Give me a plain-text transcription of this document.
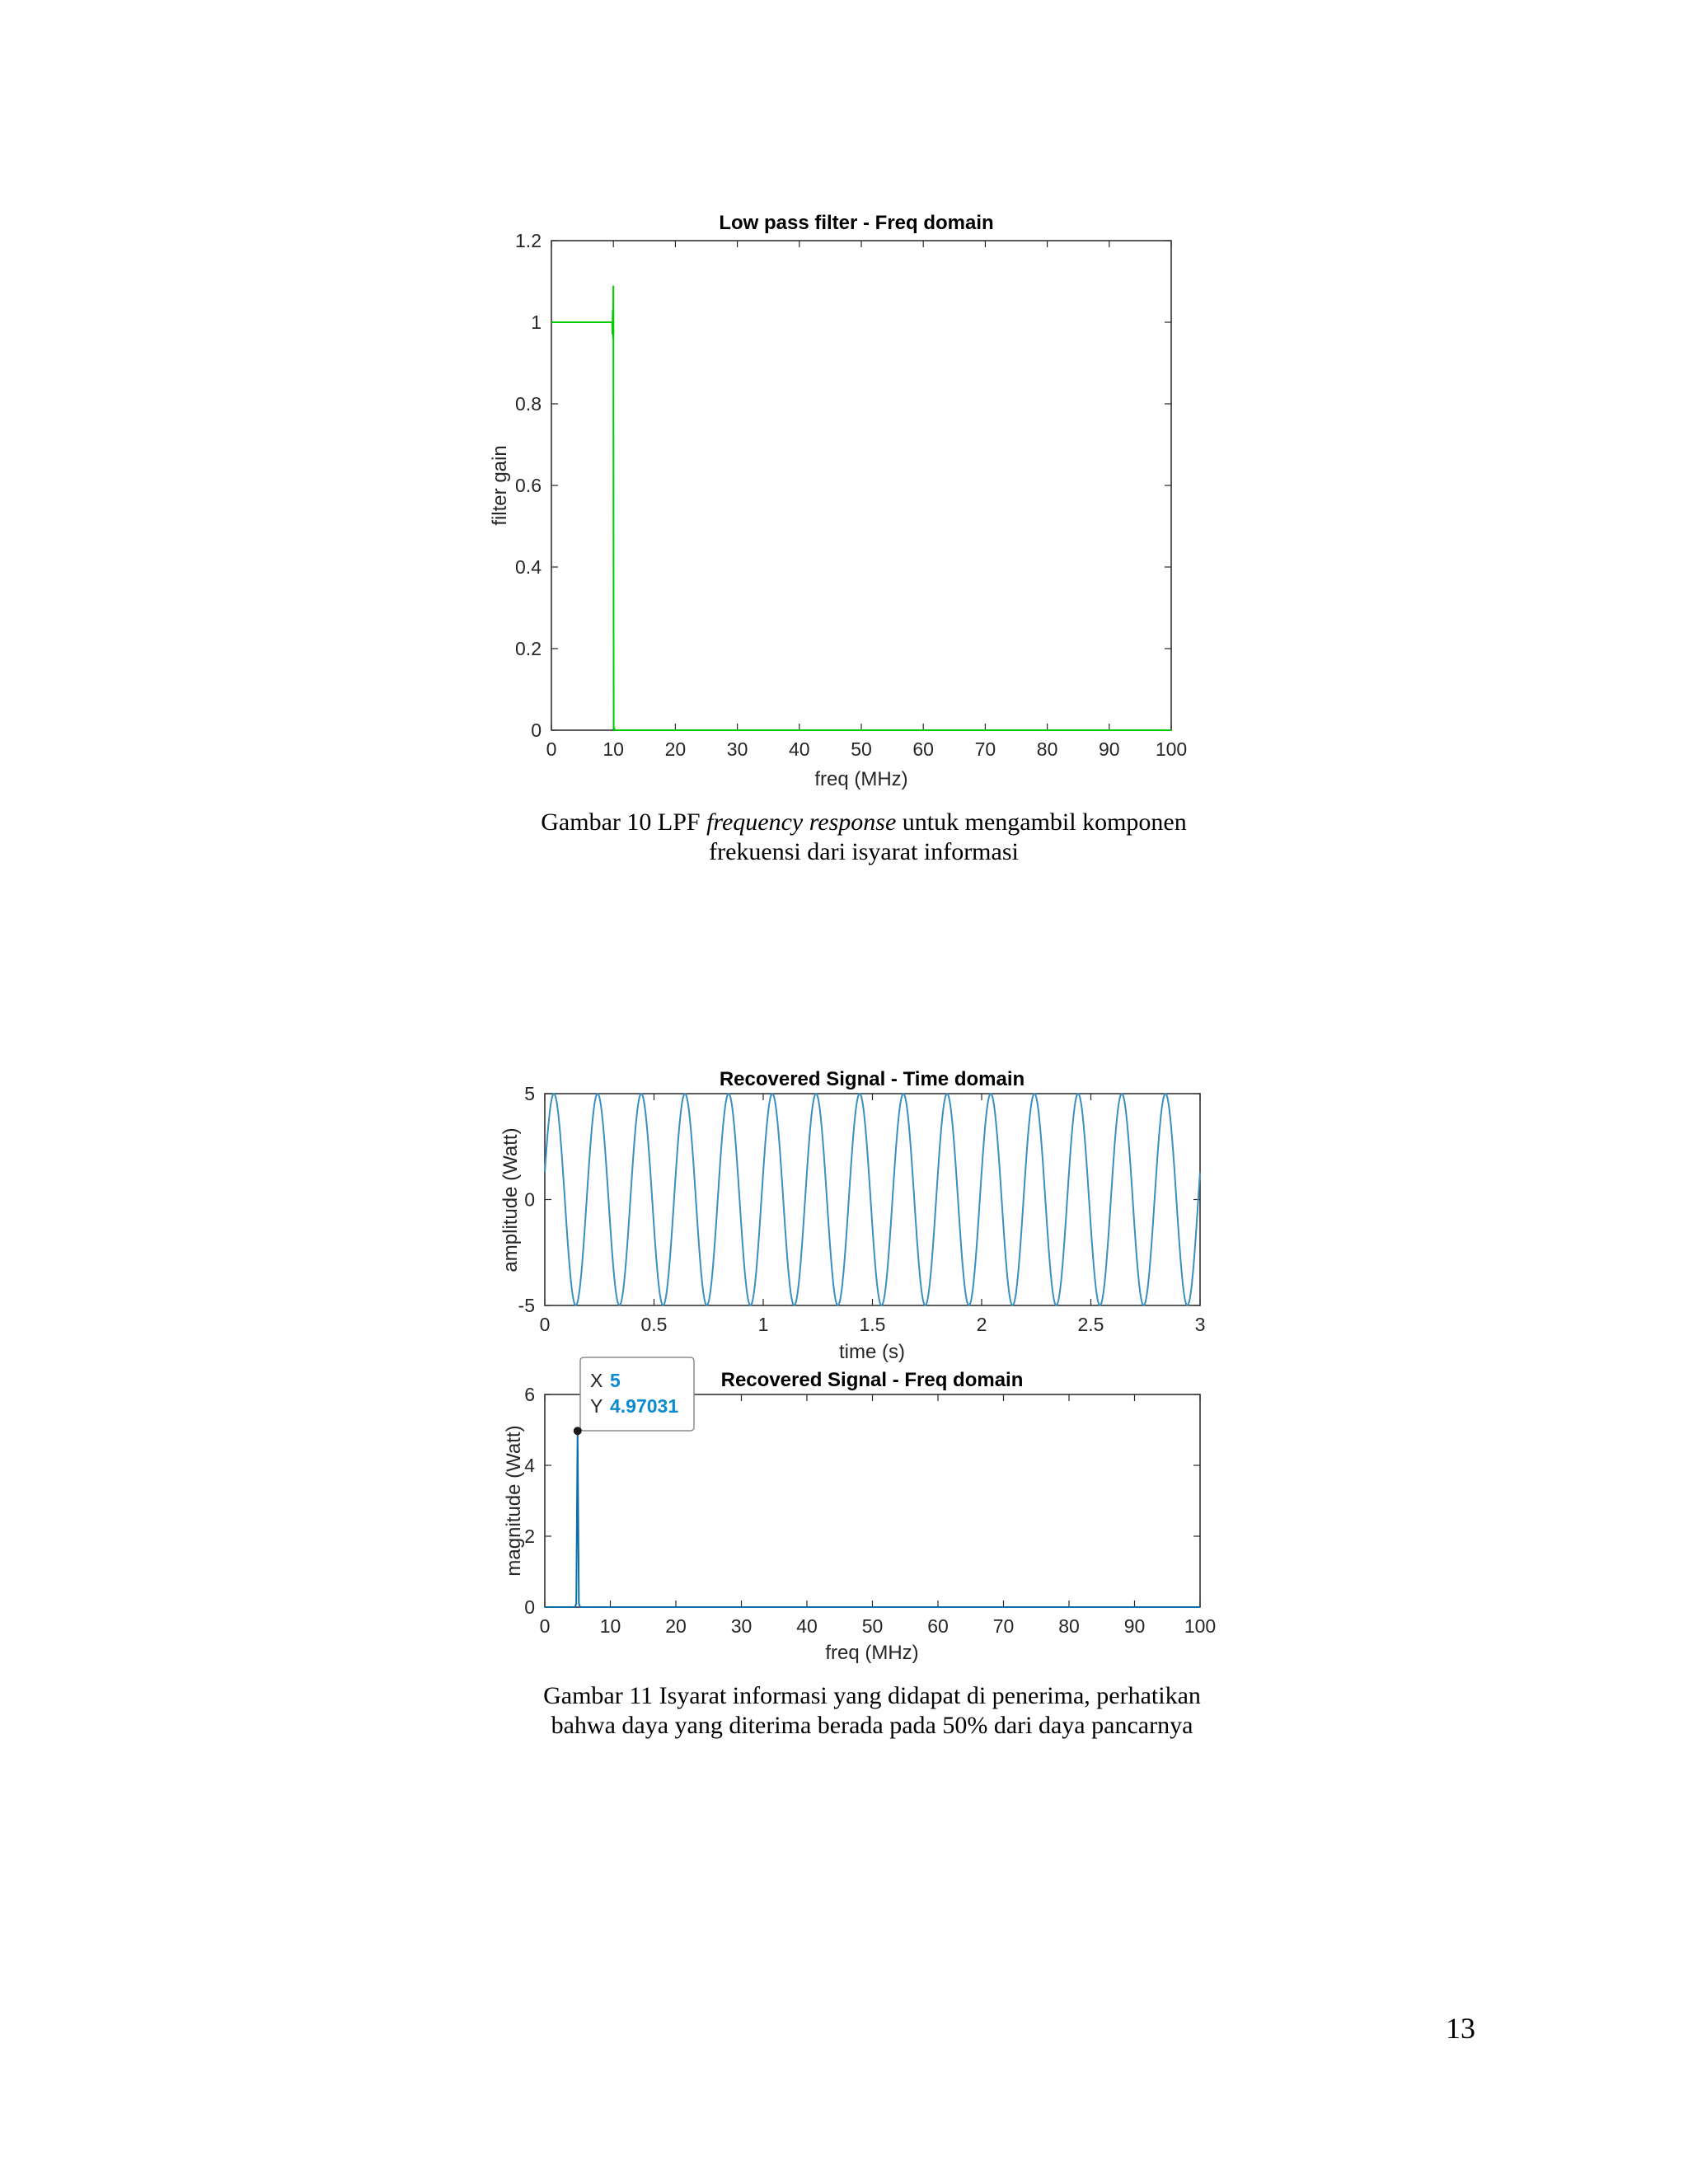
Low pass filter - Freq domain
0 10 20 30 40 50 60 70 80 90 100
0
0.2
0.4
0.6
0.8
1
1.2
freq (MHz)
filter gain
Recovered Signal - Time domain
0	0.5	1	1.5	2	2.5	3
-5
0
5
time (s)
amplitude (Watt)
Recovered Signal - Freq domain
0	10 20 30 40 50 60 70 80 90 100
0
2
4
6
freq (MHz)
magnitude (Watt)
X 5
Y 4.97031
Gambar 10 LPF frequency response untuk mengambil komponen
frekuensi dari isyarat informasi
Gambar 11 Isyarat informasi yang didapat di penerima, perhatikan
bahwa daya yang diterima berada pada 50% dari daya pancarnya
13
